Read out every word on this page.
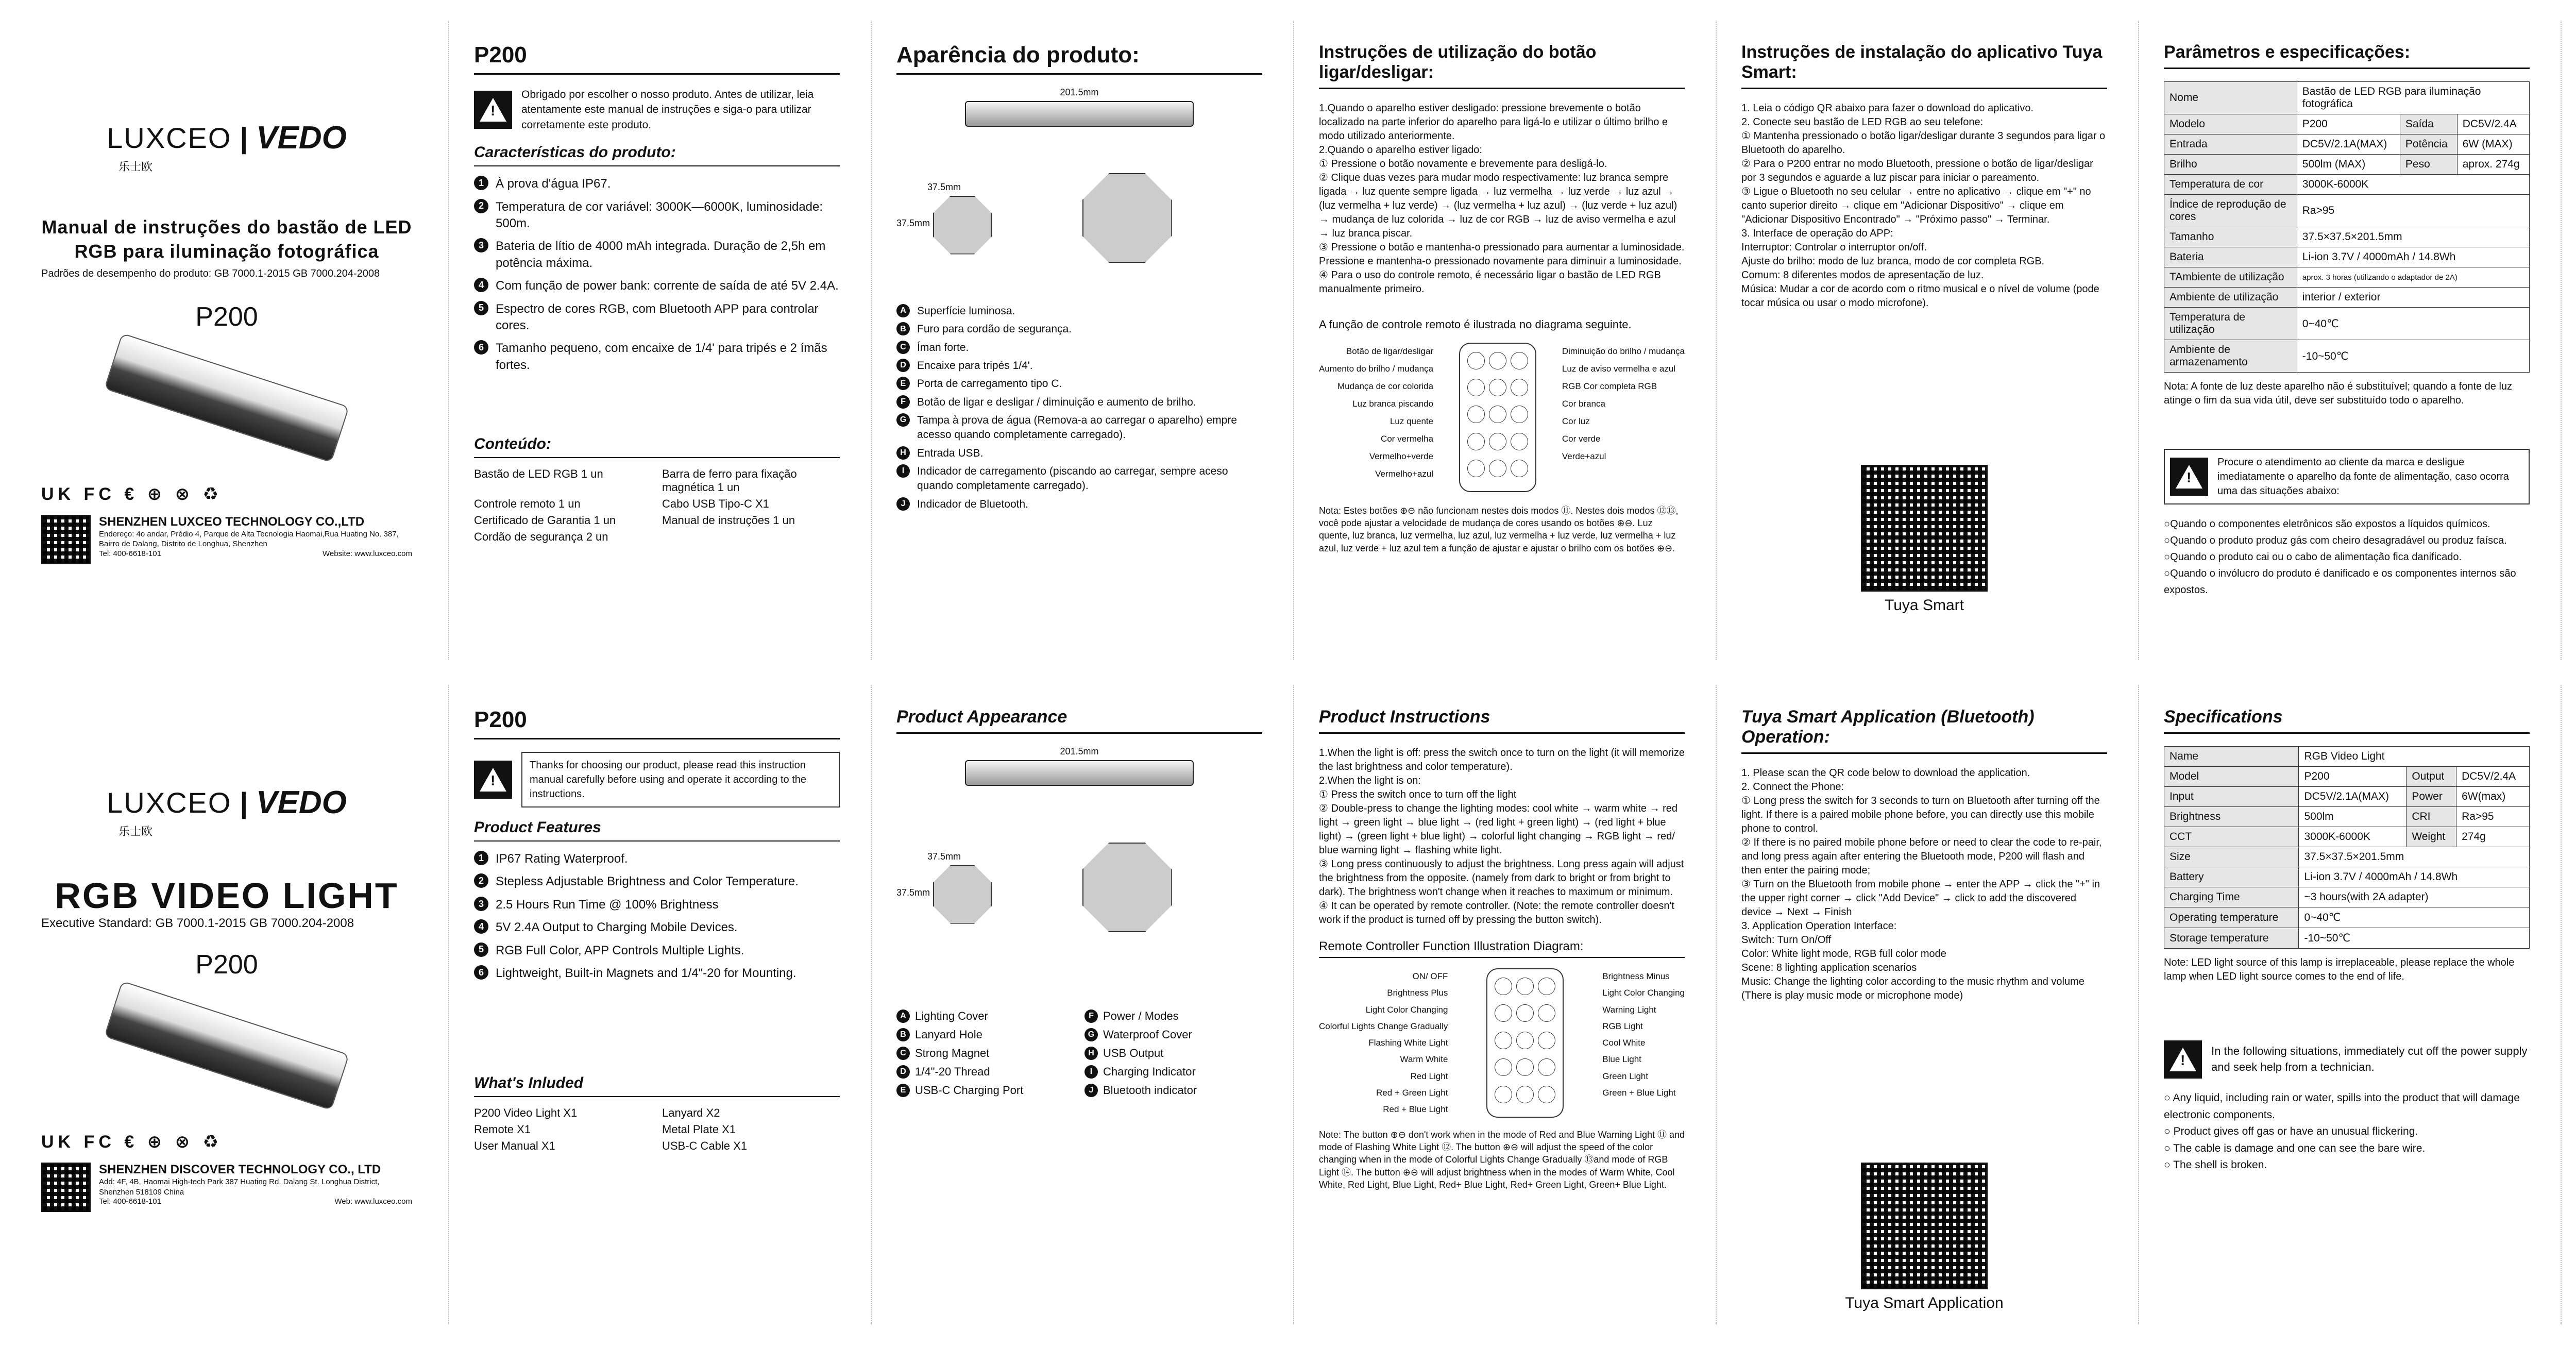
LUXCEO | VEDO
乐士欧
Manual de instruções do bastão de LED RGB para iluminação fotográfica
Padrões de desempenho do produto: GB 7000.1-2015 GB 7000.204-2008
P200
UK FC € ⊕ ⊗ ♻
SHENZHEN LUXCEO TECHNOLOGY CO.,LTD
Endereço: 4o andar, Prédio 4, Parque de Alta Tecnologia Haomai,Rua Huating No. 387, Bairro de Dalang, Distrito de Longhua, Shenzhen
Tel: 400-6618-101	Website: www.luxceo.com
P200
!
Obrigado por escolher o nosso produto. Antes de utilizar, leia atentamente este manual de instruções e siga-o para utilizar corretamente este produto.
Características do produto:
1 À prova d'água IP67.
2 Temperatura de cor variável: 3000K—6000K, luminosidade: 500m.
3 Bateria de lítio de 4000 mAh integrada. Duração de 2,5h em potência máxima.
4 Com função de power bank: corrente de saída de até 5V 2.4A.
5 Espectro de cores RGB, com Bluetooth APP para controlar cores.
6 Tamanho pequeno, com encaixe de 1/4' para tripés e 2 ímãs fortes.
Conteúdo:
Bastão de LED RGB 1 un	Barra de ferro para fixação magnética 1 un
Controle remoto 1 un	Cabo USB Tipo-C X1
Certificado de Garantia 1 un	Manual de instruções 1 un
Cordão de segurança 2 un
Aparência do produto:
201.5mm
37.5mm
37.5mm
A	Superfície luminosa.
B	Furo para cordão de segurança.
C	Íman forte.
D	Encaixe para tripés 1/4'.
E	Porta de carregamento tipo C.
F	Botão de ligar e desligar / diminuição e aumento de brilho.
G Tampa à prova de água (Remova-a ao carregar o aparelho) empre acesso quando completamente carregado).
H	Entrada USB.
I	Indicador de carregamento (piscando ao carregar, sempre aceso quando completamente carregado).
J	Indicador de Bluetooth.
Instruções de utilização do botão ligar/desligar:
1.Quando o aparelho estiver desligado: pressione brevemente o botão localizado na parte inferior do aparelho para ligá-lo e utilizar o último brilho e modo utilizado anteriormente.
2.Quando o aparelho estiver ligado:
① Pressione o botão novamente e brevemente para desligá-lo.
② Clique duas vezes para mudar modo respectivamente: luz branca sempre ligada → luz quente sempre ligada → luz vermelha → luz verde → luz azul → (luz vermelha + luz verde) → (luz vermelha + luz azul) → (luz verde + luz azul) → mudança de luz colorida → luz de cor RGB → luz de aviso vermelha e azul → luz branca piscar.
③ Pressione o botão e mantenha-o pressionado para aumentar a luminosidade. Pressione e mantenha-o pressionado novamente para diminuir a luminosidade.
④ Para o uso do controle remoto, é necessário ligar o bastão de LED RGB manualmente primeiro.
A função de controle remoto é ilustrada no diagrama seguinte.
Botão de ligar/desligar
Aumento do brilho / mudança
Mudança de cor colorida
Luz branca piscando
Luz quente
Cor vermelha
Vermelho+verde
Vermelho+azul
Diminuição do brilho / mudança
Luz de aviso vermelha e azul
RGB Cor completa RGB
Cor branca
Cor luz
Cor verde
Verde+azul
Nota: Estes botões ⊕⊖ não funcionam nestes dois modos ⑪. Nestes dois modos ⑫⑬, você pode ajustar a velocidade de mudança de cores usando os botões ⊕⊖. Luz quente, luz branca, luz vermelha, luz azul, luz vermelha + luz verde, luz vermelha + luz azul, luz verde + luz azul tem a função de ajustar e ajustar o brilho com os botões ⊕⊖.
Instruções de instalação do aplicativo Tuya Smart:
1. Leia o código QR abaixo para fazer o download do aplicativo.
2. Conecte seu bastão de LED RGB ao seu telefone:
① Mantenha pressionado o botão ligar/desligar durante 3 segundos para ligar o Bluetooth do aparelho.
② Para o P200 entrar no modo Bluetooth, pressione o botão de ligar/desligar por 3 segundos e aguarde a luz piscar para iniciar o pareamento.
③ Ligue o Bluetooth no seu celular → entre no aplicativo → clique em "+" no canto superior direito → clique em "Adicionar Dispositivo" → clique em "Adicionar Dispositivo Encontrado" → "Próximo passo" → Terminar.
3. Interface de operação do APP:
Interruptor: Controlar o interruptor on/off.
Ajuste do brilho: modo de luz branca, modo de cor completa RGB.
Comum: 8 diferentes modos de apresentação de luz.
Música: Mudar a cor de acordo com o ritmo musical e o nível de volume (pode tocar música ou usar o modo microfone).
Tuya Smart
Parâmetros e especificações:
Nome	Bastão de LED RGB para iluminação fotográfica		
Modelo	P200	Saída	DC5V/2.4A
Entrada	DC5V/2.1A(MAX)	Potência	6W (MAX)
Brilho	500lm (MAX)	Peso	aprox. 274g
Temperatura de cor	3000K-6000K		
Índice de reprodução de cores	Ra>95		
Tamanho	37.5×37.5×201.5mm		
Bateria	Li-ion 3.7V / 4000mAh / 14.8Wh		
TAmbiente de utilização	aprox. 3 horas (utilizando o adaptador de 2A)		
Ambiente de utilização	interior / exterior		
Temperatura de utilização	0~40℃		
Ambiente de armazenamento	-10~50℃		
Nota: A fonte de luz deste aparelho não é substituível; quando a fonte de luz atinge o fim da sua vida útil, deve ser substituído todo o aparelho.
!
Procure o atendimento ao cliente da marca e desligue imediatamente o aparelho da fonte de alimentação, caso ocorra uma das situações abaixo:
○Quando o componentes eletrônicos são expostos a líquidos químicos.
○Quando o produto produz gás com cheiro desagradável ou produz faísca.
○Quando o produto cai ou o cabo de alimentação fica danificado.
○Quando o invólucro do produto é danificado e os componentes internos são expostos.

LUXCEO | VEDO
乐士欧
RGB VIDEO LIGHT
Executive Standard: GB 7000.1-2015 GB 7000.204-2008
P200
UK FC € ⊕ ⊗ ♻
SHENZHEN DISCOVER TECHNOLOGY CO., LTD
Add: 4F, 4B, Haomai High-tech Park 387 Huating Rd. Dalang St. Longhua District, Shenzhen 518109 China
Tel: 400-6618-101	Web: www.luxceo.com
P200
!
Thanks for choosing our product, please read this instruction manual carefully before using and operate it according to the instructions.
Product Features
1 IP67 Rating Waterproof.
2 Stepless Adjustable Brightness and Color Temperature.
3 2.5 Hours Run Time @ 100% Brightness
4 5V 2.4A Output to Charging Mobile Devices.
5 RGB Full Color, APP Controls Multiple Lights.
6 Lightweight, Built-in Magnets and 1/4"-20 for Mounting.
What's Inluded
P200 Video Light X1	Lanyard X2
Remote X1	Metal Plate X1
User Manual X1	USB-C Cable X1
Product Appearance
201.5mm
37.5mm
37.5mm
A Lighting Cover	F Power / Modes
B Lanyard Hole	G Waterproof Cover
C Strong Magnet	H USB Output
D 1/4"-20 Thread	I Charging Indicator
E USB-C Charging Port	J Bluetooth indicator
Product Instructions
1.When the light is off: press the switch once to turn on the light (it will memorize the last brightness and color temperature).
2.When the light is on:
① Press the switch once to turn off the light
② Double-press to change the lighting modes: cool white → warm white → red light → green light → blue light → (red light + green light) → (red light + blue light) → (green light + blue light) → colorful light changing → RGB light → red/ blue warning light → flashing white light.
③ Long press continuously to adjust the brightness. Long press again will adjust the brightness from the opposite. (namely from dark to bright or from bright to dark). The brightness won't change when it reaches to maximum or minimum.
④ It can be operated by remote controller. (Note: the remote controller doesn't work if the product is turned off by pressing the button switch).
Remote Controller Function Illustration Diagram:
ON/ OFF
Brightness Plus
Light Color Changing
Colorful Lights Change Gradually
Flashing White Light
Warm White
Red Light
Red + Green Light
Red + Blue Light
Brightness Minus
Light Color Changing
Warning Light
RGB Light
Cool White
Blue Light
Green Light
Green + Blue Light
Note: The button ⊕⊖ don't work when in the mode of Red and Blue Warning Light ⑪ and mode of Flashing White Light ⑫. The button ⊕⊖ will adjust the speed of the color changing when in the mode of Colorful Lights Change Gradually ⑬and mode of RGB Light ⑭. The button ⊕⊖ will adjust brightness when in the modes of Warm White, Cool White, Red Light, Blue Light, Red+ Blue Light, Red+ Green Light, Green+ Blue Light.
Tuya Smart Application (Bluetooth) Operation:
1. Please scan the QR code below to download the application.
2. Connect the Phone:
① Long press the switch for 3 seconds to turn on Bluetooth after turning off the light. If there is a paired mobile phone before, you can directly use this mobile phone to control.
② If there is no paired mobile phone before or need to clear the code to re-pair, and long press again after entering the Bluetooth mode, P200 will flash and then enter the pairing mode;
③ Turn on the Bluetooth from mobile phone → enter the APP → click the "+" in the upper right corner → click "Add Device" → click to add the discovered device → Next → Finish
3. Application Operation Interface:
Switch: Turn On/Off
Color: White light mode, RGB full color mode
Scene: 8 lighting application scenarios
Music: Change the lighting color according to the music rhythm and volume (There is play music mode or microphone mode)
Tuya Smart Application
Specifications
Name	RGB Video Light		
Model	P200	Output	DC5V/2.4A
Input	DC5V/2.1A(MAX)	Power	6W(max)
Brightness	500lm	CRI	Ra>95
CCT	3000K-6000K	Weight	274g
Size	37.5×37.5×201.5mm		
Battery	Li-ion 3.7V / 4000mAh / 14.8Wh		
Charging Time	~3 hours(with 2A adapter)		
Operating temperature	0~40℃		
Storage temperature	-10~50℃		
Note: LED light source of this lamp is irreplaceable, please replace the whole lamp when LED light source comes to the end of life.
!
In the following situations, immediately cut off the power supply and seek help from a technician.
○ Any liquid, including rain or water, spills into the product that will damage electronic components.
○ Product gives off gas or have an unusual flickering.
○ The cable is damage and one can see the bare wire.
○ The shell is broken.
